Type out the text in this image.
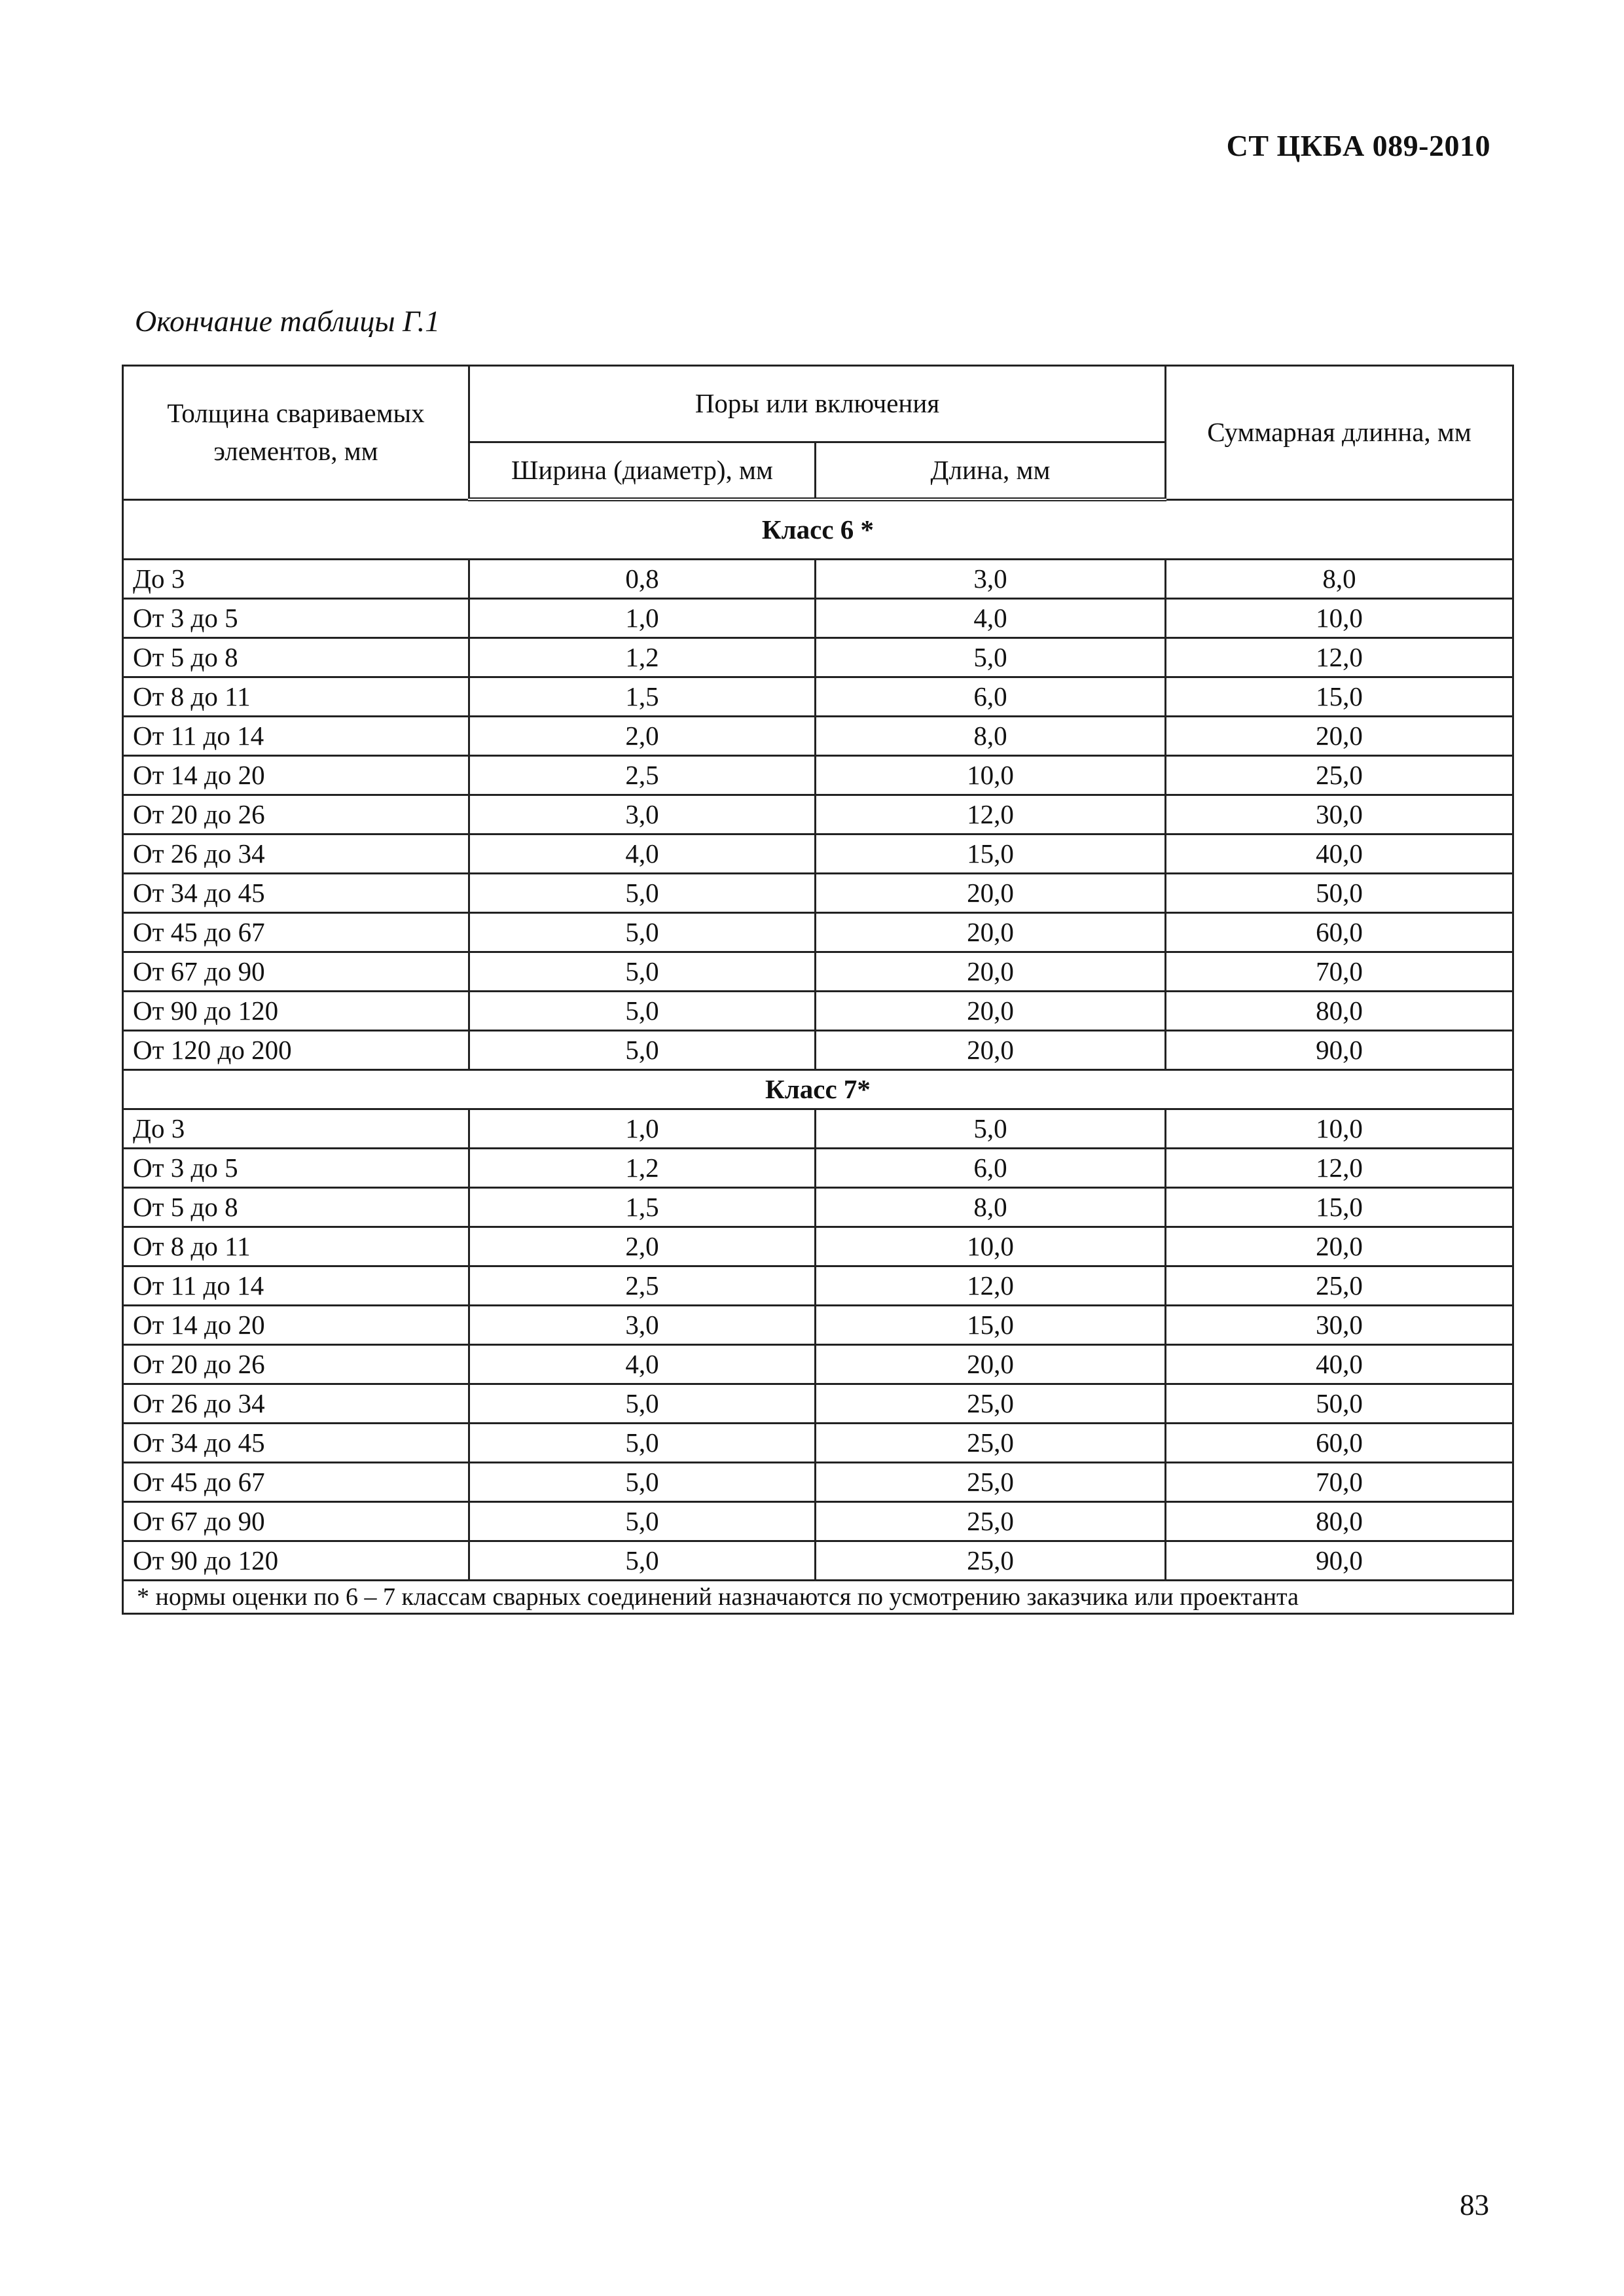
СТ ЦКБА 089-2010
Окончание таблицы Г.1
Толщина свариваемых элементов, мм	Поры или включения		Суммарная длинна, мм
	Ширина (диаметр), мм	Длина, мм	
Класс 6 *			
До 3	0,8	3,0	8,0
От 3 до 5	1,0	4,0	10,0
От 5 до 8	1,2	5,0	12,0
От 8 до 11	1,5	6,0	15,0
От 11 до 14	2,0	8,0	20,0
От 14 до 20	2,5	10,0	25,0
От 20 до 26	3,0	12,0	30,0
От 26 до 34	4,0	15,0	40,0
От 34 до 45	5,0	20,0	50,0
От 45 до 67	5,0	20,0	60,0
От 67 до 90	5,0	20,0	70,0
От 90 до 120	5,0	20,0	80,0
От 120 до 200	5,0	20,0	90,0
Класс 7*			
До 3	1,0	5,0	10,0
От 3 до 5	1,2	6,0	12,0
От 5 до 8	1,5	8,0	15,0
От 8 до 11	2,0	10,0	20,0
От 11 до 14	2,5	12,0	25,0
От 14 до 20	3,0	15,0	30,0
От 20 до 26	4,0	20,0	40,0
От 26 до 34	5,0	25,0	50,0
От 34 до 45	5,0	25,0	60,0
От 45 до 67	5,0	25,0	70,0
От 67 до 90	5,0	25,0	80,0
От 90 до 120	5,0	25,0	90,0
* нормы оценки по 6 – 7 классам сварных соединений назначаются по усмотрению заказчика или проектанта			
83
